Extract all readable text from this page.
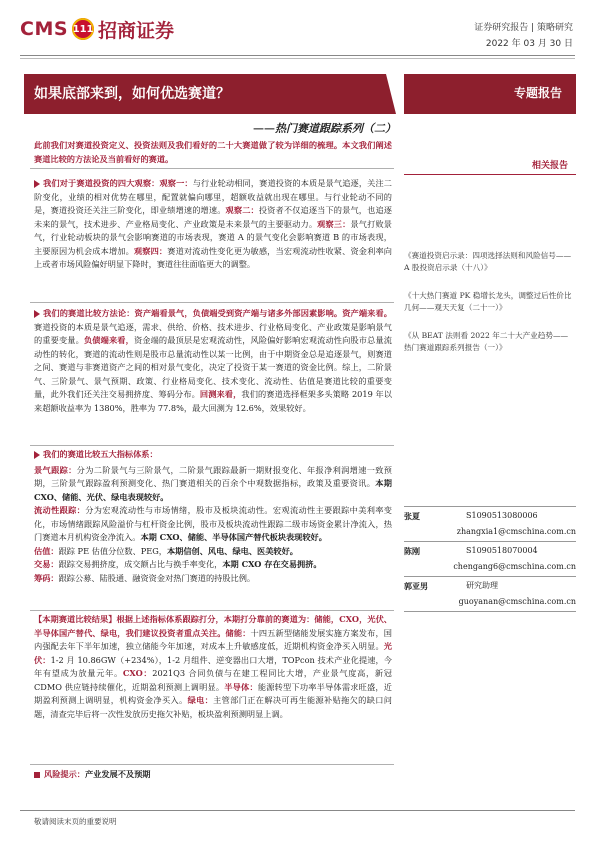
CMS 111 招商证券	证券研究报告 | 策略研究
2022 年 03 月 30 日
如果底部来到，如何优选赛道？	专题报告
——热门赛道跟踪系列（二）
此前我们对赛道投资定义、投资法则及我们看好的二十大赛道做了较为详细的梳理。本文我们阐述赛道比较的方法论及当前看好的赛道。
我们对于赛道投资的四大观察：观察一：与行业轮动相同，赛道投资的本质是景气追逐，关注二阶变化，业绩的相对优势在哪里，配置就偏向哪里，超额收益就出现在哪里。与行业轮动不同的是，赛道投资还关注三阶变化，即业绩增速的增速。观察二：投资者不仅追逐当下的景气，也追逐未来的景气，技术进步、产业格局变化、产业政策是未来景气的主要驱动力。观察三：景气打败景气，行业轮动板块的景气会影响赛道的市场表现，赛道 A 的景气变化会影响赛道 B 的市场表现，主要原因为机会成本增加。观察四：赛道对流动性变化更为敏感，当宏观流动性收紧、资金利率向上或者市场风险偏好明显下降时，赛道往往面临更大的调整。
我们的赛道比较方法论：资产端看景气，负债端受到资产端与诸多外部因素影响。资产端来看。赛道投资的本质是景气追逐，需求、供给、价格、技术进步、行业格局变化、产业政策是影响景气的重要变量。负债端来看，资金端的最顶层是宏观流动性，风险偏好影响宏观流动性向股市总量流动性的转化，赛道的流动性则是股市总量流动性以某一比例，由于中期资金总是追逐景气，则赛道之间、赛道与非赛道资产之间的相对景气变化，决定了投资于某一赛道的资金比例。综上，二阶景气、三阶景气、景气预期、政策、行业格局变化、技术变化、流动性、估值是赛道比较的重要变量，此外我们还关注交易拥挤度、筹码分布。回测来看，我们的赛道选择框架多头策略 2019 年以来超额收益率为 1380%，胜率为 77.8%，最大回测为 12.6%，效果较好。
我们的赛道比较五大指标体系：
景气跟踪：分为二阶景气与三阶景气，二阶景气跟踪最新一期财报变化、年报净利润增速一致预期，三阶景气跟踪盈利预测变化、热门赛道相关的百余个中观数据指标，政策及重要资讯。本期 CXO、储能、光伏、绿电表现较好。
流动性跟踪：分为宏观流动性与市场情绪，股市及板块流动性。宏观流动性主要跟踪中美利率变化，市场情绪跟踪风险溢价与杠杆资金比例，股市及板块流动性跟踪二级市场资金累计净流入，热门赛道本月机构资金净流入。本期 CXO、储能、半导体国产替代板块表现较好。
估值：跟踪 PE 估值分位数、PEG，本期信创、风电、绿电、医美较好。
交易：跟踪交易拥挤度，成交额占比与换手率变化，本期 CXO 存在交易拥挤。
筹码：跟踪公募、陆股通、融资资金对热门赛道的持股比例。
【本期赛道比较结果】根据上述指标体系跟踪打分，本期打分靠前的赛道为：储能，CXO，光伏、半导体国产替代、绿电，我们建议投资者重点关注。储能：十四五新型储能发展实施方案发布，国内强配去年下半年加速，独立储能今年加速，对成本上升敏感度低，近期机构资金净买入明显。光伏：1-2 月 10.86GW（+234%），1-2 月组件、逆变器出口大增，TOPcon 技术产业化提速，今年有望成为放量元年。CXO：2021Q3 合同负债与在建工程同比大增，产业景气度高，新冠 CDMO 供应链持续催化，近期盈利预测上调明显。半导体：能源转型下功率半导体需求旺盛，近期盈利预测上调明显，机构资金净买入。绿电：主管部门正在解决可再生能源补贴拖欠的缺口问题，清查完毕后将一次性发放历史拖欠补贴，板块盈利预测明显上调。
风险提示：产业发展不及预期
相关报告
《赛道投资启示录：四项选择法则和风险信号——A 股投资启示录（十八）》
《十大热门赛道 PK 稳增长龙头，调整过后性价比几何——观天天复（二十一）》
《从 BEAT 法则看 2022 年二十大产业趋势——热门赛道跟踪系列报告（一）》
张夏	S1090513080006
zhangxia1@cmschina.com.cn
陈刚	S1090518070004
chengang6@cmschina.com.cn
郭亚男	研究助理
guoyanan@cmschina.com.cn
敬请阅读末页的重要说明
